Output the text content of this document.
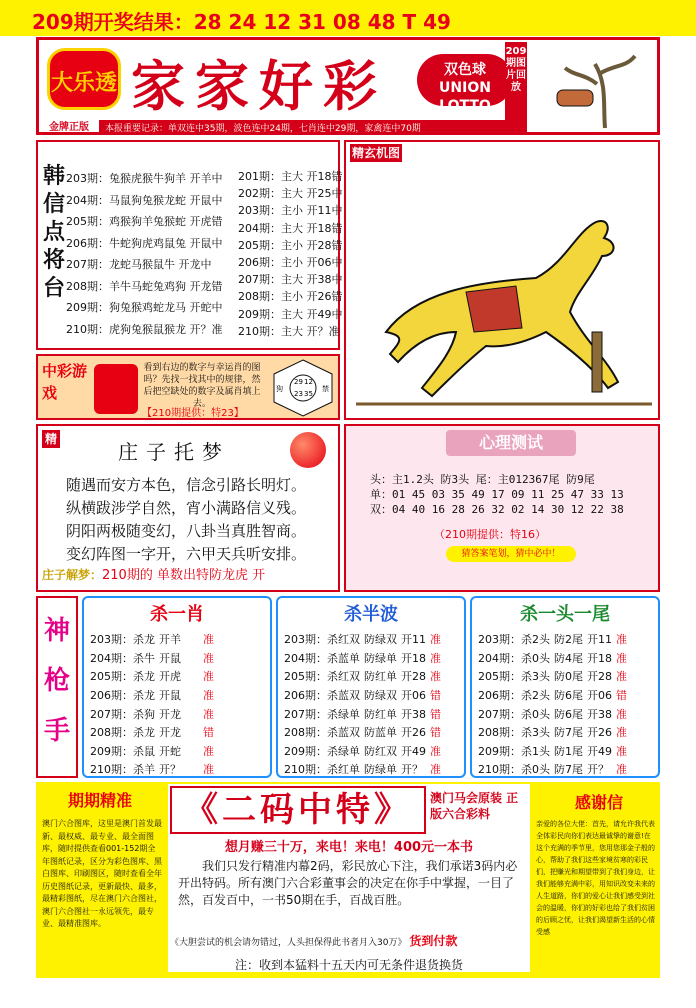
209期开奖结果：28 24 12 31 08 48 T 49
大乐透
金牌正版
家家好彩	双色球 UNION LOTTO
本报重要记录：单双连中35期，波色连中24期，七肖连中29期，家禽连中70期
209期图片回放
韩信点将台
203期：兔猴虎猴牛狗羊 开羊中
204期：马鼠狗兔猴龙蛇 开鼠中
205期：鸡猴狗羊兔猴蛇 开虎错
206期：牛蛇狗虎鸡鼠兔 开鼠中
207期：龙蛇马猴鼠牛 开龙中
208期：羊牛马蛇兔鸡狗 开龙错
209期：狗兔猴鸡蛇龙马 开蛇中
210期：虎狗兔猴鼠猴龙 开？准
201期：主大 开18错
202期：主大 开25中
203期：主小 开11中
204期：主大 开18错
205期：主小 开28错
206期：主小 开06中
207期：主大 开38中
208期：主小 开26错
209期：主大 开49中
210期：主大 开？准
中彩游戏
看到右边的数字与幸运肖的图吗？先找一找其中的规律，然后把空缺处的数字及属肖填上去。
【210期提供：特23】
29 12
23 35
狗	禁
精玄机图
精
庄子托梦
随遇而安方本色，信念引路长明灯。
纵横跋涉学自然，宵小满路信义残。
阴阳两极随变幻，八卦当真胜智商。
变幻阵图一字开，六甲天兵听安排。
庄子解梦：210期的 单数出特防龙虎 开
心理测试
头：主1.2头 防3头 尾：主012367尾 防9尾
单：01 45 03 35 49 17 09 11 25 47 33 13
双：04 40 16 28 26 32 02 14 30 12 22 38
（210期提供：特16）
猜答案笔划，猜中必中！
神
枪
手
杀一肖
203期：杀龙	开羊	准
204期：杀牛	开鼠	准
205期：杀龙	开虎	准
206期：杀龙	开鼠	准
207期：杀狗	开龙	准
208期：杀龙	开龙	错
209期：杀鼠	开蛇	准
210期：杀羊	开？	准
杀半波
203期：杀红双	防绿双	开11	准
204期：杀蓝单	防绿单	开18	准
205期：杀红双	防红单	开28	准
206期：杀蓝双	防绿双	开06	错
207期：杀绿单	防红单	开38	错
208期：杀蓝双	防蓝单	开26	错
209期：杀绿单	防红双	开49	准
210期：杀红单	防绿单	开？	准
杀一头一尾
203期：杀2头	防2尾	开11	准
204期：杀0头	防4尾	开18	准
205期：杀3头	防0尾	开28	准
206期：杀2头	防6尾	开06	错
207期：杀0头	防6尾	开38	准
208期：杀3头	防7尾	开26	准
209期：杀1头	防1尾	开49	准
210期：杀0头	防7尾	开？	准
期期精准
澳门六合图库，这里是澳门首发最新、最权威、最专业、最全面图库，随时提供查看001-152期全年图纸记录，区分为彩色图库、黑白图库、印刷图区，随时查看全年历史图纸记录，更新最快、最多，最精彩图纸，尽在澳门六合图社，澳门六合图社一永远领先，最专业、最精准图库。
《二码中特》	澳门马会原装 正版六合彩料
想月赚三十万，来电！来电！400元一本书
我们只发行精准内幕2码，彩民放心下注，我们承诺3码内必开出特码。所有澳门六合彩董事会的决定在你手中掌握，一目了然，百发百中，一书50期在手，百战百胜。
《大胆尝试的机会请勿错过，人头担保得此书者月入30万》 货到付款
注：收到本猛料十五天内可无条件退货换货
感谢信
亲爱的各位大佬：首先，请允许我代表全体彩民向你们表达最诚挚的谢意!在这个充满的季节里，您用您那金子般的心，帮助了我们这些家境贫寒的彩民们，把赚光和期望带到了我们身边，让我们能够充满中彩，用知识改变未来的人生道路，你们的爱心让我们感受到社会的温暖，你们的好彩也给了我们贫困的后顾之忧，让我们渴望新生活的心情受感
